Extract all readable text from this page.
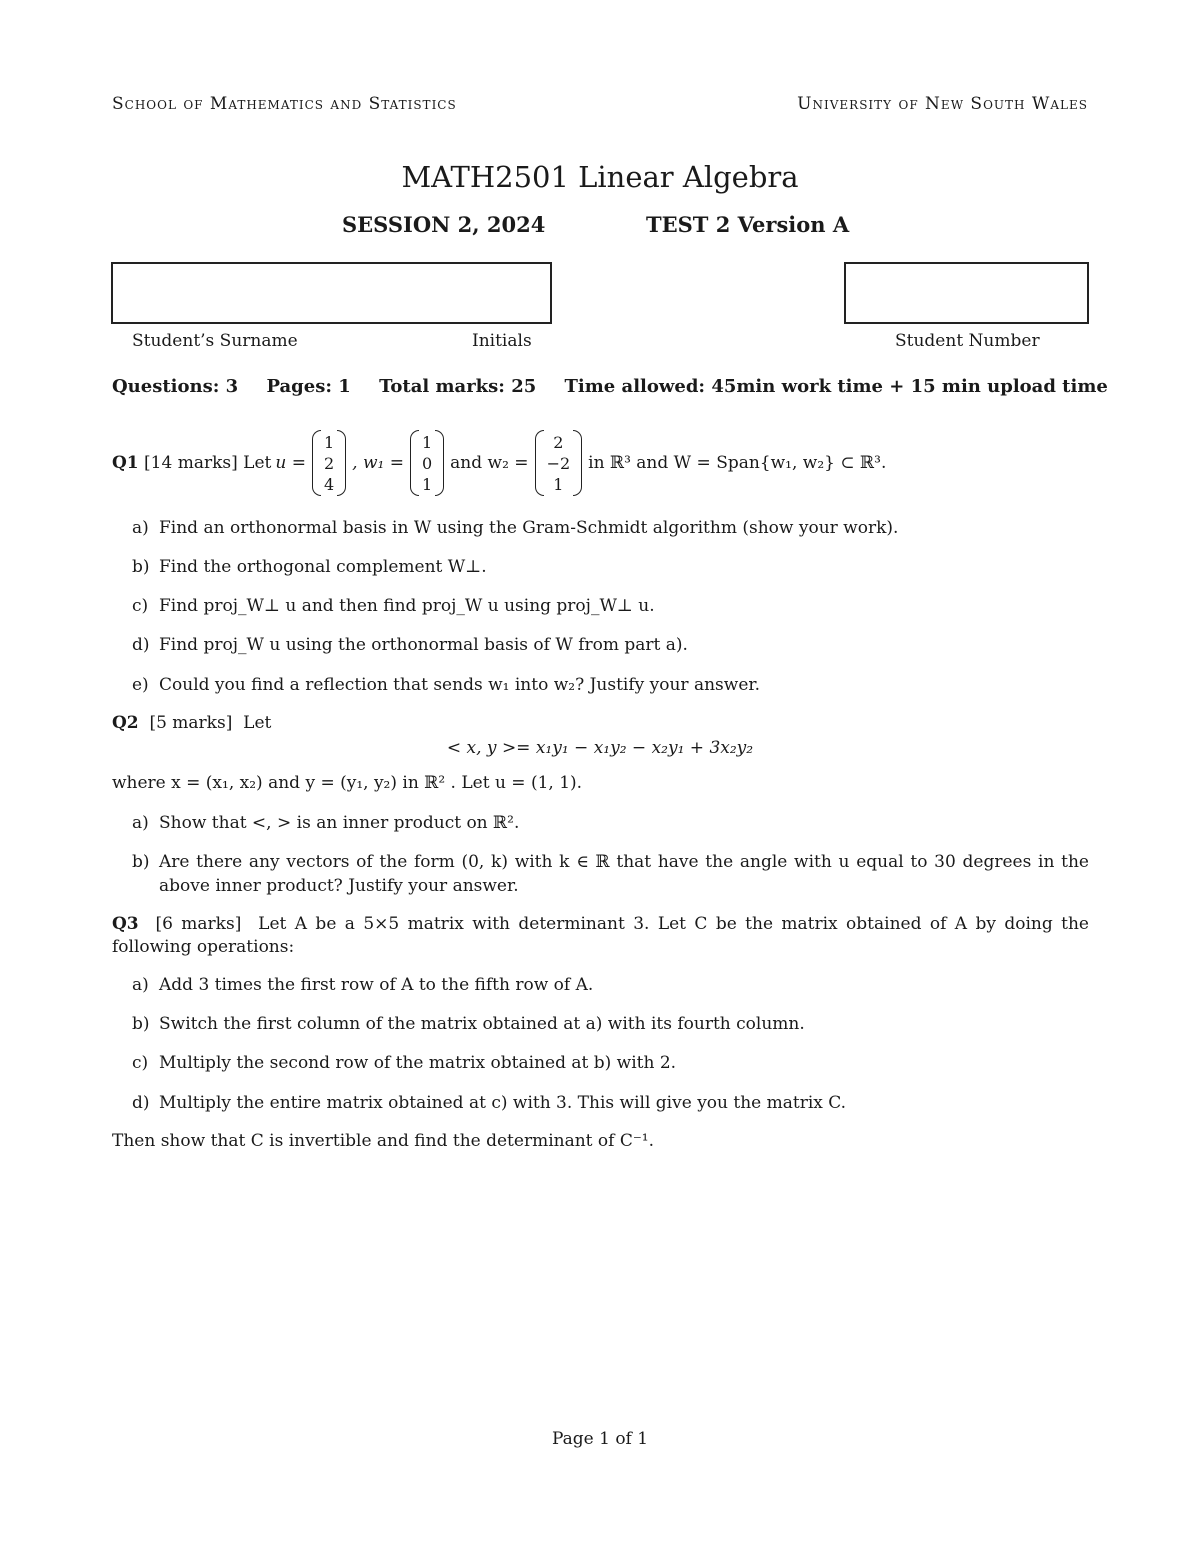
School of Mathematics and Statistics	University of New South Wales
MATH2501 Linear Algebra
SESSION 2, 2024	TEST 2 Version A
Student’s Surname	Initials	Student Number
Questions: 3 Pages: 1 Total marks: 25 Time allowed: 45min work time + 15 min upload time
Q1
[14 marks]
Let u =
1
2
4
, w₁ =
1
0
1
and w₂ =
2
−2
1
in ℝ³ and W = Span{w₁, w₂} ⊂ ℝ³.
a) Find an orthonormal basis in W using the Gram-Schmidt algorithm (show your work).
b) Find the orthogonal complement W⊥.
c) Find proj_W⊥ u and then find proj_W u using proj_W⊥ u.
d) Find proj_W u using the orthonormal basis of W from part a).
e) Could you find a reflection that sends w₁ into w₂? Justify your answer.
Q2 [5 marks] Let
< x, y >= x₁y₁ − x₁y₂ − x₂y₁ + 3x₂y₂
where x = (x₁, x₂) and y = (y₁, y₂) in ℝ² . Let u = (1, 1).
a) Show that <, > is an inner product on ℝ².
b) Are there any vectors of the form (0, k) with k ∈ ℝ that have the angle with u equal to 30 degrees in the above inner product? Justify your answer.
Q3 [6 marks] Let A be a 5×5 matrix with determinant 3. Let C be the matrix obtained of A by doing the following operations:
a) Add 3 times the first row of A to the fifth row of A.
b) Switch the first column of the matrix obtained at a) with its fourth column.
c) Multiply the second row of the matrix obtained at b) with 2.
d) Multiply the entire matrix obtained at c) with 3. This will give you the matrix C.
Then show that C is invertible and find the determinant of C⁻¹.
Page 1 of 1
